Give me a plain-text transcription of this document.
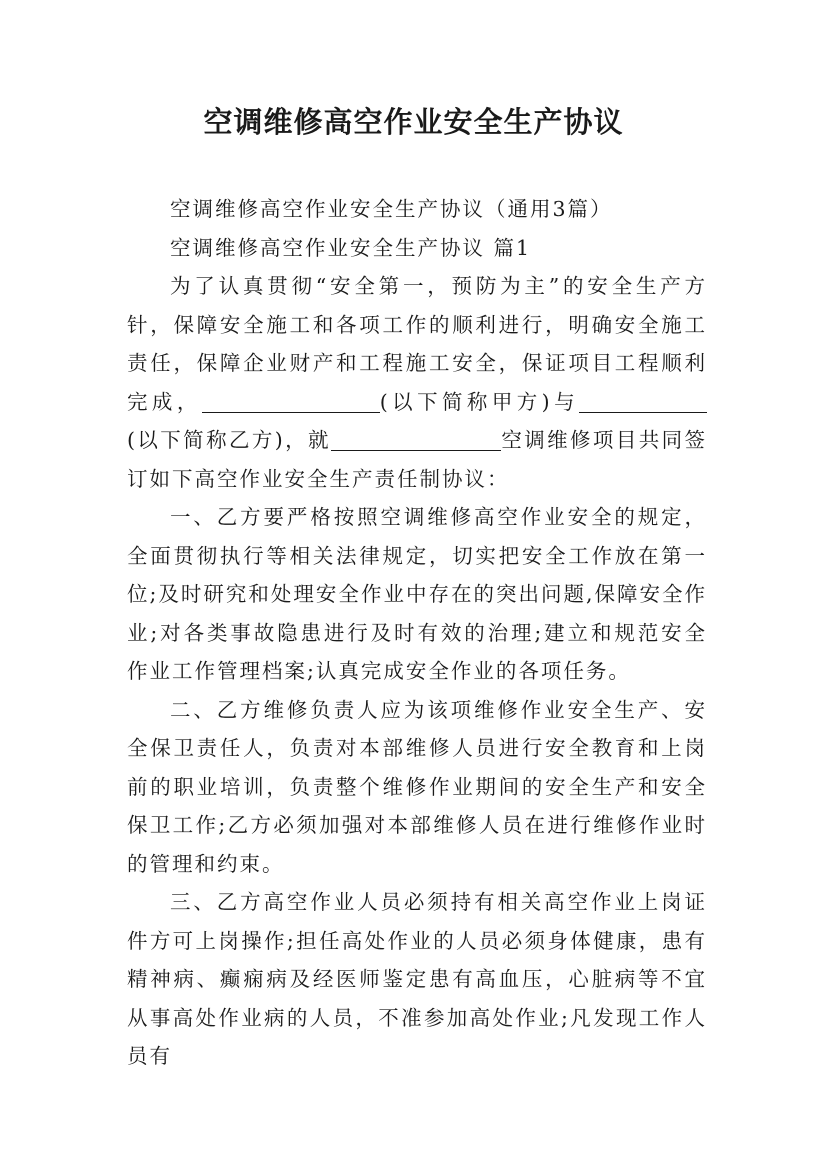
空调维修高空作业安全生产协议

空调维修高空作业安全生产协议（通用3篇）

空调维修高空作业安全生产协议 篇1

为了认真贯彻“安全第一，预防为主”的安全生产方针，保障安全施工和各项工作的顺利进行，明确安全施工责任，保障企业财产和工程施工安全，保证项目工程顺利完成，	(以下简称甲方)与(以下简称乙方)，就	空调维修项目共同签订如下高空作业安全生产责任制协议：

一、乙方要严格按照空调维修高空作业安全的规定，全面贯彻执行等相关法律规定，切实把安全工作放在第一位;及时研究和处理安全作业中存在的突出问题,保障安全作业;对各类事故隐患进行及时有效的治理;建立和规范安全作业工作管理档案;认真完成安全作业的各项任务。

二、乙方维修负责人应为该项维修作业安全生产、安全保卫责任人，负责对本部维修人员进行安全教育和上岗前的职业培训，负责整个维修作业期间的安全生产和安全保卫工作;乙方必须加强对本部维修人员在进行维修作业时的管理和约束。

三、乙方高空作业人员必须持有相关高空作业上岗证件方可上岗操作;担任高处作业的人员必须身体健康，患有精神病、癫痫病及经医师鉴定患有高血压，心脏病等不宜从事高处作业病的人员，不准参加高处作业;凡发现工作人员有
